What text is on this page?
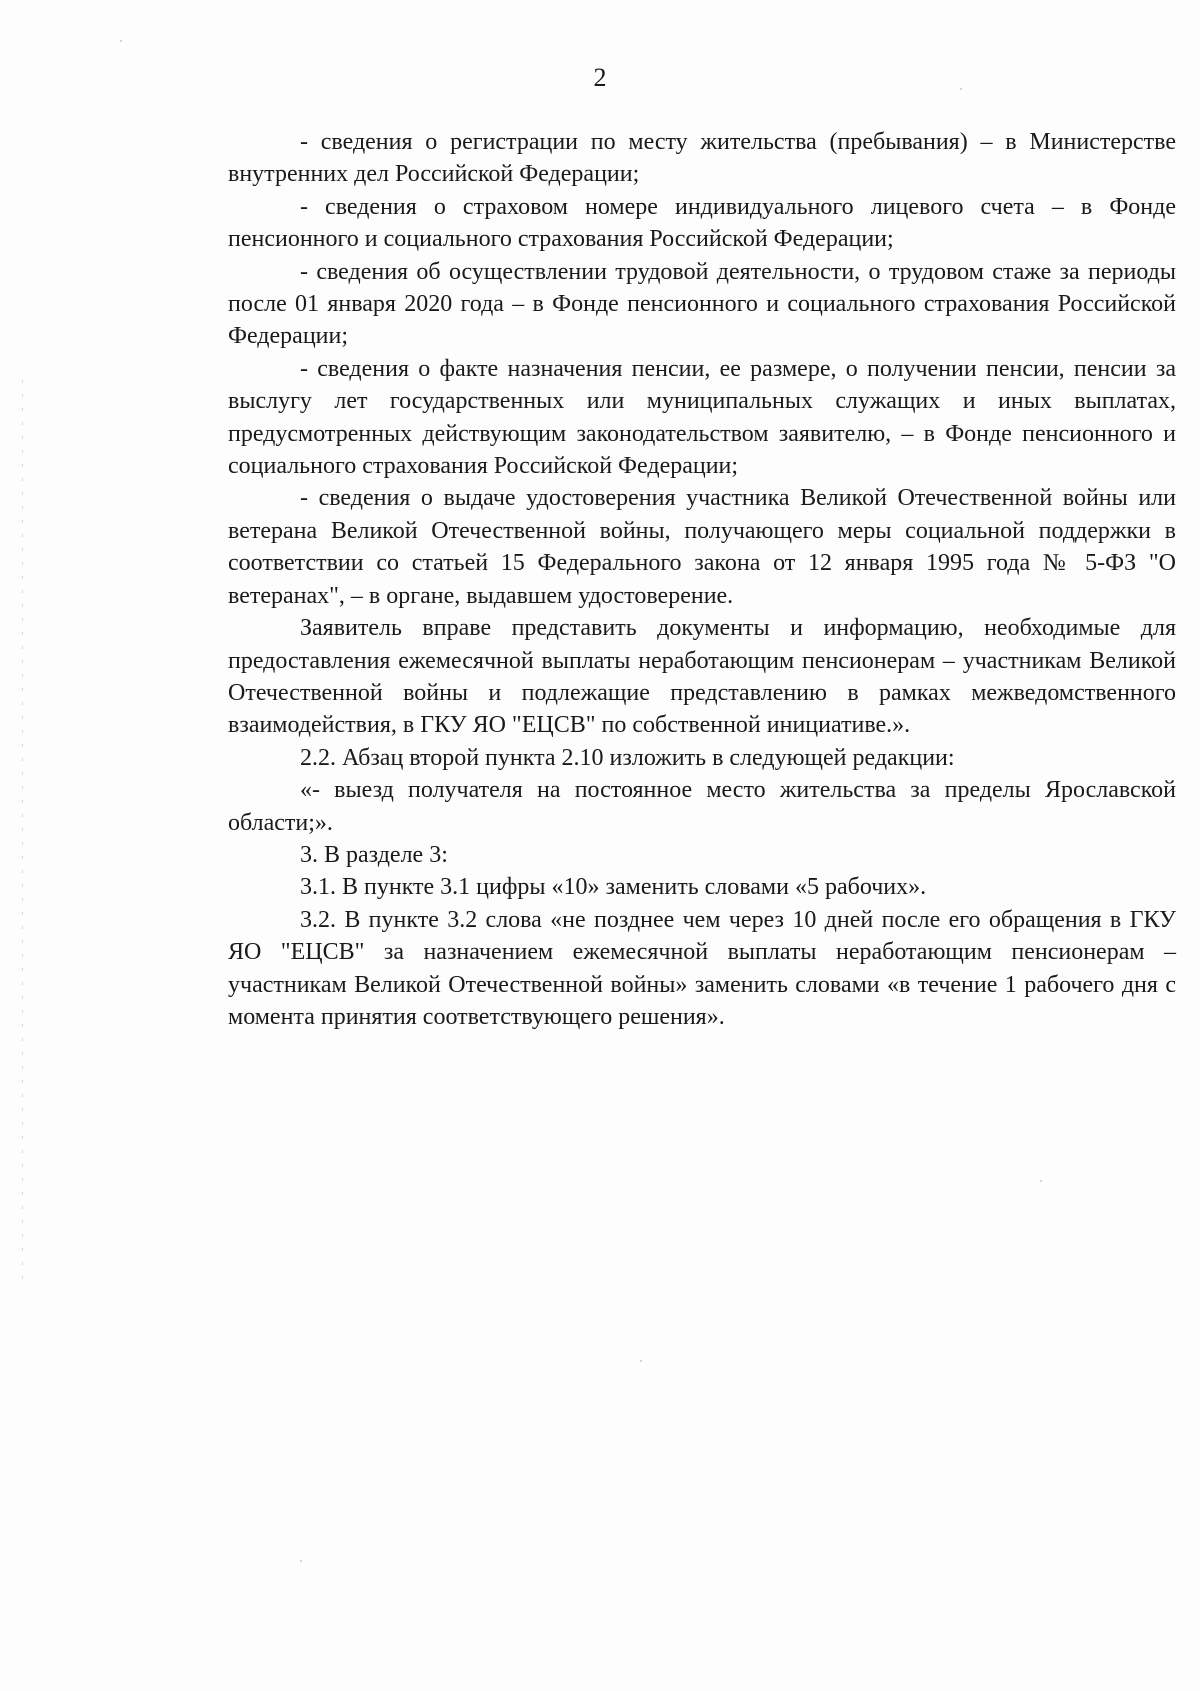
2

- сведения о регистрации по месту жительства (пребывания) – в Министерстве внутренних дел Российской Федерации;

- сведения о страховом номере индивидуального лицевого счета – в Фонде пенсионного и социального страхования Российской Федерации;

- сведения об осуществлении трудовой деятельности, о трудовом стаже за периоды после 01 января 2020 года – в Фонде пенсионного и социального страхования Российской Федерации;

- сведения о факте назначения пенсии, ее размере, о получении пенсии, пенсии за выслугу лет государственных или муниципальных служащих и иных выплатах, предусмотренных действующим законодательством заявителю, – в Фонде пенсионного и социального страхования Российской Федерации;

- сведения о выдаче удостоверения участника Великой Отечественной войны или ветерана Великой Отечественной войны, получающего меры социальной поддержки в соответствии со статьей 15 Федерального закона от 12 января 1995 года № 5-ФЗ "О ветеранах", – в органе, выдавшем удостоверение.

Заявитель вправе представить документы и информацию, необходимые для предоставления ежемесячной выплаты неработающим пенсионерам – участникам Великой Отечественной войны и подлежащие представлению в рамках межведомственного взаимодействия, в ГКУ ЯО "ЕЦСВ" по собственной инициативе.».

2.2. Абзац второй пункта 2.10 изложить в следующей редакции:

«- выезд получателя на постоянное место жительства за пределы Ярославской области;».

3. В разделе 3:

3.1. В пункте 3.1 цифры «10» заменить словами «5 рабочих».

3.2. В пункте 3.2 слова «не позднее чем через 10 дней после его обращения в ГКУ ЯО "ЕЦСВ" за назначением ежемесячной выплаты неработающим пенсионерам – участникам Великой Отечественной войны» заменить словами «в течение 1 рабочего дня с момента принятия соответствующего решения».
